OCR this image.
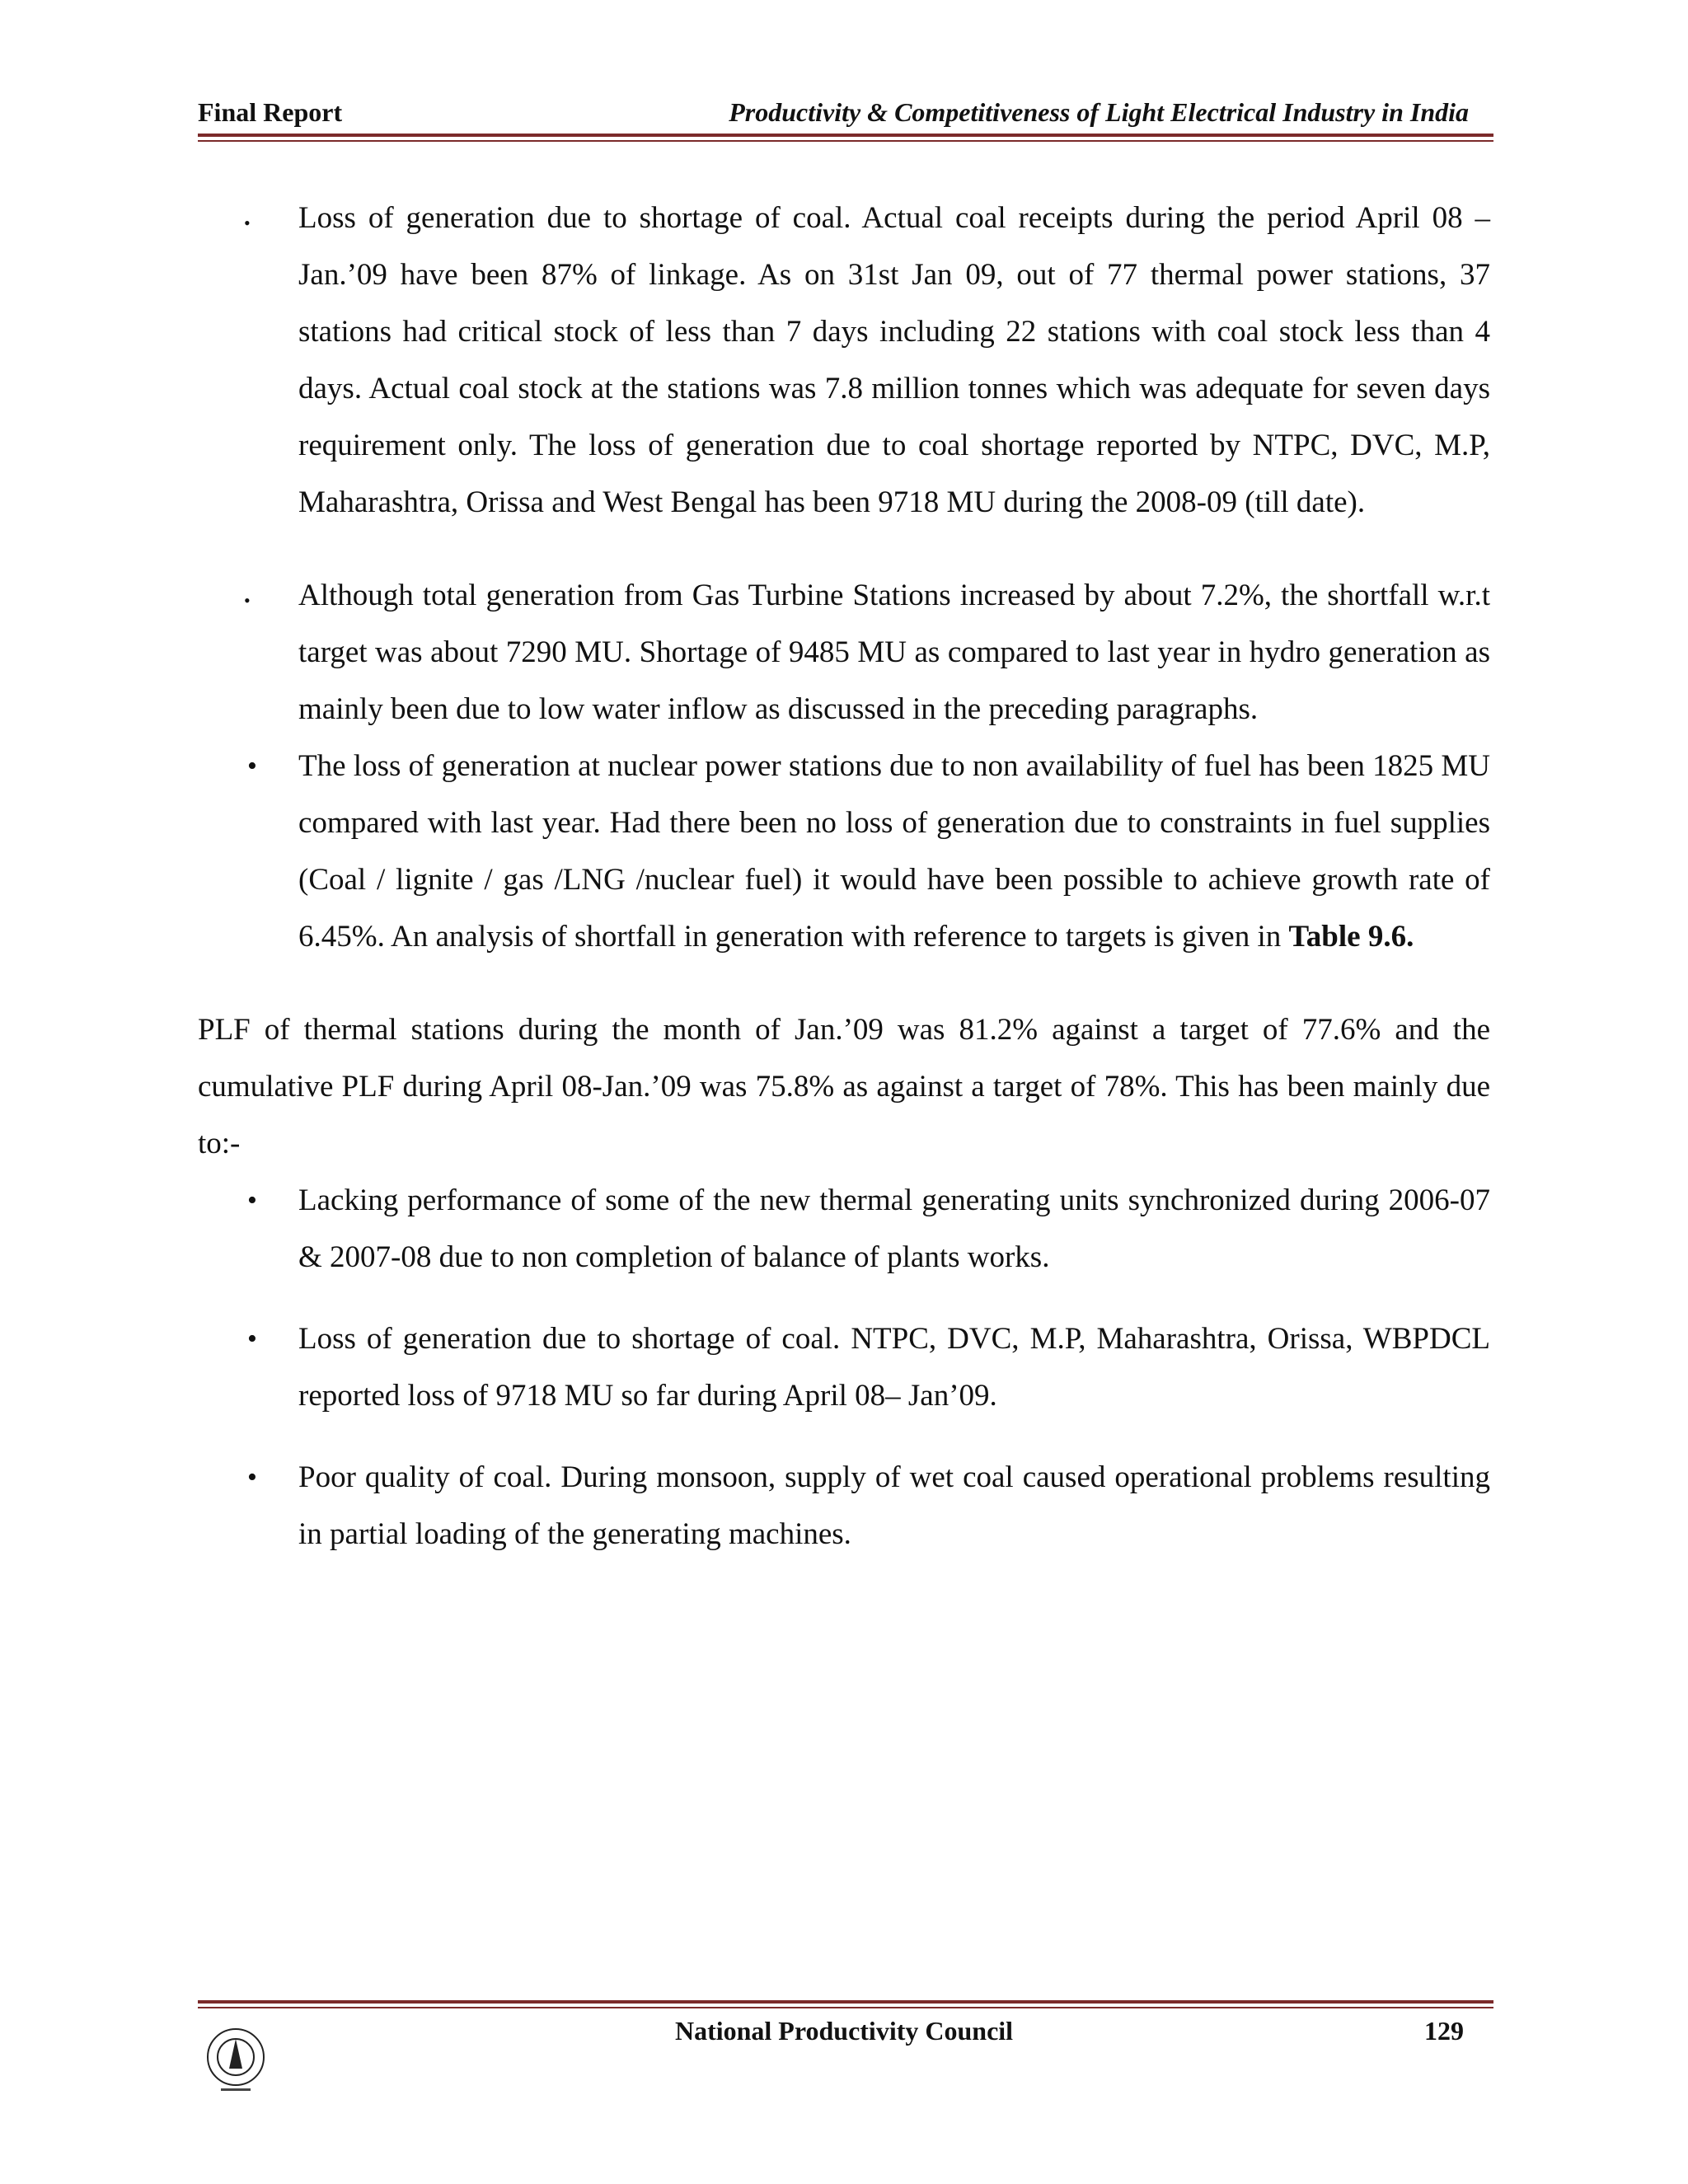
Final Report	Productivity & Competitiveness of Light Electrical Industry in India
•	Loss of generation due to shortage of coal. Actual coal receipts during the period April 08 – Jan.’09 have been 87% of linkage. As on 31st Jan 09, out of 77 thermal power stations, 37 stations had critical stock of less than 7 days including 22 stations with coal stock less than 4 days. Actual coal stock at the stations was 7.8 million tonnes which was adequate for seven days requirement only. The loss of generation due to coal shortage reported by NTPC, DVC, M.P, Maharashtra, Orissa and West Bengal has been 9718 MU during the 2008-09 (till date).

•	Although total generation from Gas Turbine Stations increased by about 7.2%, the shortfall w.r.t target was about 7290 MU. Shortage of 9485 MU as compared to last year in hydro generation as mainly been due to low water inflow as discussed in the preceding paragraphs.

•	The loss of generation at nuclear power stations due to non availability of fuel has been 1825 MU compared with last year. Had there been no loss of generation due to constraints in fuel supplies (Coal / lignite / gas /LNG /nuclear fuel) it would have been possible to achieve growth rate of 6.45%. An analysis of shortfall in generation with reference to targets is given in Table 9.6.

PLF of thermal stations during the month of Jan.’09 was 81.2% against a target of 77.6% and the cumulative PLF during April 08-Jan.’09 was 75.8% as against a target of 78%. This has been mainly due to:-

•	Lacking performance of some of the new thermal generating units synchronized during 2006-07 & 2007-08 due to non completion of balance of plants works.

•	Loss of generation due to shortage of coal. NTPC, DVC, M.P, Maharashtra, Orissa, WBPDCL reported loss of 9718 MU so far during April 08– Jan’09.

•	Poor quality of coal. During monsoon, supply of wet coal caused operational problems resulting in partial loading of the generating machines.

National Productivity Council	129
